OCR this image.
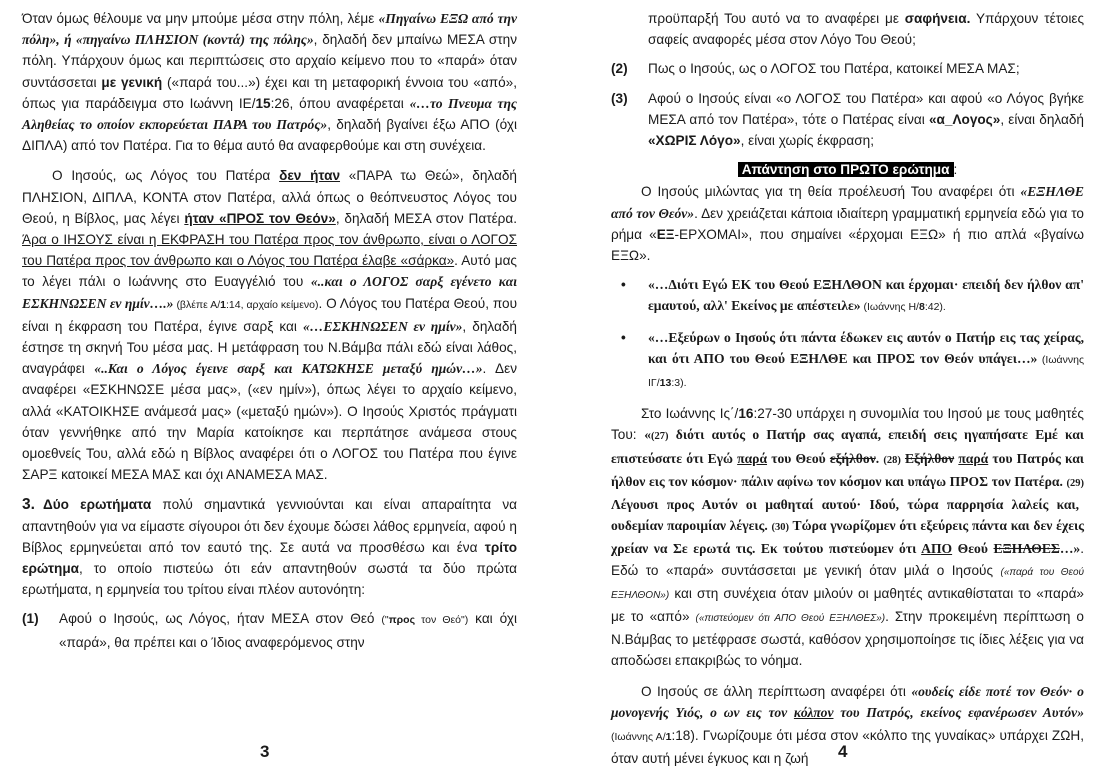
Όταν όμως θέλουμε να μην μπούμε μέσα στην πόλη, λέμε «Πηγαίνω ΕΞΩ από την πόλη», ή «πηγαίνω ΠΛΗΣΙΟΝ (κοντά) της πόλης», δηλαδή δεν μπαίνω ΜΕΣΑ στην πόλη. Υπάρχουν όμως και περιπτώσεις στο αρχαίο κείμενο που το «παρά» όταν συντάσσεται με γενική («παρά του...») έχει και τη μεταφορική έννοια του «από», όπως για παράδειγμα στο Ιωάννη ΙΕ/15:26, όπου αναφέρεται «…το Πνευμα της Αληθείας το οποίον εκπορεύεται ΠΑΡΑ του Πατρός», δηλαδή βγαίνει έξω ΑΠΟ (όχι ΔΙΠΛΑ) από τον Πατέρα. Για το θέμα αυτό θα αναφερθούμε και στη συνέχεια.

Ο Ιησούς, ως Λόγος του Πατέρα δεν ήταν «ΠΑΡΑ τω Θεώ», δηλαδή ΠΛΗΣΙΟΝ, ΔΙΠΛΑ, ΚΟΝΤΑ στον Πατέρα, αλλά όπως ο θεόπνευστος Λόγος του Θεού, η Βίβλος, μας λέγει ήταν «ΠΡΟΣ τον Θεόν», δηλαδή ΜΕΣΑ στον Πατέρα. Άρα ο ΙΗΣΟΥΣ είναι η ΕΚΦΡΑΣΗ του Πατέρα προς τον άνθρωπο, είναι ο ΛΟΓΟΣ του Πατέρα προς τον άνθρωπο και ο Λόγος του Πατέρα έλαβε «σάρκα». Αυτό μας το λέγει πάλι ο Ιωάννης στο Ευαγγέλιό του «..και ο ΛΟΓΟΣ σαρξ εγένετο και ΕΣΚΗΝΩΣΕΝ εν ημίν….» (βλέπε Α/1:14, αρχαίο κείμενο). Ο Λόγος του Πατέρα Θεού, που είναι η έκφραση του Πατέρα, έγινε σαρξ και «…ΕΣΚΗΝΩΣΕΝ εν ημίν», δηλαδή έστησε τη σκηνή Του μέσα μας. Η μετάφραση του Ν.Βάμβα πάλι εδώ είναι λάθος, αναγράφει «..Και ο Λόγος έγεινε σαρξ και ΚΑΤΩΚΗΣΕ μεταξύ ημών…». Δεν αναφέρει «ΕΣΚΗΝΩΣΕ μέσα μας», («εν ημίν»), όπως λέγει το αρχαίο κείμενο, αλλά «ΚΑΤΟΙΚΗΣΕ ανάμεσά μας» («μεταξύ ημών»). Ο Ιησούς Χριστός πράγματι όταν γεννήθηκε από την Μαρία κατοίκησε και περπάτησε ανάμεσα στους ομοεθνείς Του, αλλά εδώ η Βίβλος αναφέρει ότι ο ΛΟΓΟΣ του Πατέρα που έγινε ΣΑΡΞ κατοικεί ΜΕΣΑ ΜΑΣ και όχι ΑΝΑΜΕΣΑ ΜΑΣ.

3. Δύο ερωτήματα πολύ σημαντικά γεννιούνται και είναι απαραίτητα να απαντηθούν για να είμαστε σίγουροι ότι δεν έχουμε δώσει λάθος ερμηνεία, αφού η Βίβλος ερμηνεύεται από τον εαυτό της. Σε αυτά να προσθέσω και ένα τρίτο ερώτημα, το οποίο πιστεύω ότι εάν απαντηθούν σωστά τα δύο πρώτα ερωτήματα, η ερμηνεία του τρίτου είναι πλέον αυτονόητη:

(1) Αφού ο Ιησούς, ως Λόγος, ήταν ΜΕΣΑ στον Θεό ("προς τον Θεό") και όχι «παρά», θα πρέπει και ο Ίδιος αναφερόμενος στην

3

προϋπαρξή Του αυτό να το αναφέρει με σαφήνεια. Υπάρχουν τέτοιες σαφείς αναφορές μέσα στον Λόγο Του Θεού;

(2) Πως ο Ιησούς, ως ο ΛΟΓΟΣ του Πατέρα, κατοικεί ΜΕΣΑ ΜΑΣ;

(3) Αφού ο Ιησούς είναι «ο ΛΟΓΟΣ του Πατέρα» και αφού «ο Λόγος βγήκε ΜΕΣΑ από τον Πατέρα», τότε ο Πατέρας είναι «α_Λογος», είναι δηλαδή «ΧΩΡΙΣ Λόγο», είναι χωρίς έκφραση;

Απάντηση στο ΠΡΩΤΟ ερώτημα :

Ο Ιησούς μιλώντας για τη θεία προέλευσή Του αναφέρει ότι «ΕΞΗΛΘΕ από τον Θεόν». Δεν χρειάζεται κάποια ιδιαίτερη γραμματική ερμηνεία εδώ για το ρήμα «ΕΞ-ΕΡΧΟΜΑΙ», που σημαίνει «έρχομαι ΕΞΩ» ή πιο απλά «βγαίνω ΕΞΩ».

• «…Διότι Εγώ ΕΚ του Θεού ΕΞΗΛΘΟΝ και έρχομαι· επειδή δεν ήλθον απ' εμαυτού, αλλ' Εκείνος με απέστειλε» (Ιωάννης Η/8:42).

• «…Εξεύρων ο Ιησούς ότι πάντα έδωκεν εις αυτόν ο Πατήρ εις τας χείρας, και ότι ΑΠΟ του Θεού ΕΞΗΛΘΕ και ΠΡΟΣ τον Θεόν υπάγει…» (Ιωάννης ΙΓ/13:3).

Στο Ιωάννης Ις΄/16:27-30 υπάρχει η συνομιλία του Ιησού με τους μαθητές Του: «(27) διότι αυτός ο Πατήρ σας αγαπά, επειδή σεις ηγαπήσατε Εμέ και επιστεύσατε ότι Εγώ παρά του Θεού εξήλθον. (28) Εξήλθον παρά του Πατρός και ήλθον εις τον κόσμον· πάλιν αφίνω τον κόσμον και υπάγω ΠΡΟΣ τον Πατέρα. (29) Λέγουσι προς Αυτόν οι μαθηταί αυτού· Ιδού, τώρα παρρησία λαλείς και, ουδεμίαν παροιμίαν λέγεις. (30) Τώρα γνωρίζομεν ότι εξεύρεις πάντα και δεν έχεις χρείαν να Σε ερωτά τις. Εκ τούτου πιστεύομεν ότι ΑΠΟ Θεού ΕΞΗΛΘΕΣ…». Εδώ το «παρά» συντάσσεται με γενική όταν μιλά ο Ιησούς («παρά του Θεού ΕΞΗΛΘΟΝ») και στη συνέχεια όταν μιλούν οι μαθητές αντικαθίσταται το «παρά» με το «από» («πιστεύομεν ότι ΑΠΟ Θεού ΕΞΗΛΘΕΣ»). Στην προκειμένη περίπτωση ο Ν.Βάμβας το μετέφρασε σωστά, καθόσον χρησιμοποίησε τις ίδιες λέξεις για να αποδώσει επακριβώς το νόημα.

Ο Ιησούς σε άλλη περίπτωση αναφέρει ότι «ουδείς είδε ποτέ τον Θεόν· ο μονογενής Υιός, ο ων εις τον κόλπον του Πατρός, εκείνος εφανέρωσεν Αυτόν» (Ιωάννης Α/1:18). Γνωρίζουμε ότι μέσα στον «κόλπο της γυναίκας» υπάρχει ΖΩΗ, όταν αυτή μένει έγκυος και η ζωή	4
